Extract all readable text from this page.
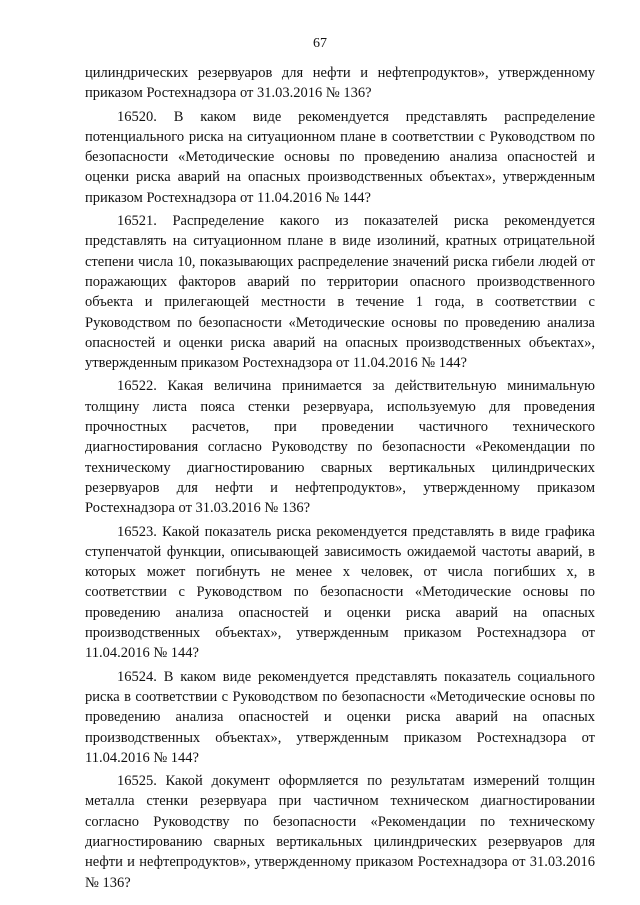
67

цилиндрических резервуаров для нефти и нефтепродуктов», утвержденному приказом Ростехнадзора от 31.03.2016 № 136?

16520. В каком виде рекомендуется представлять распределение потенциального риска на ситуационном плане в соответствии с Руководством по безопасности «Методические основы по проведению анализа опасностей и оценки риска аварий на опасных производственных объектах», утвержденным приказом Ростехнадзора от 11.04.2016 № 144?

16521. Распределение какого из показателей риска рекомендуется представлять на ситуационном плане в виде изолиний, кратных отрицательной степени числа 10, показывающих распределение значений риска гибели людей от поражающих факторов аварий по территории опасного производственного объекта и прилегающей местности в течение 1 года, в соответствии с Руководством по безопасности «Методические основы по проведению анализа опасностей и оценки риска аварий на опасных производственных объектах», утвержденным приказом Ростехнадзора от 11.04.2016 № 144?

16522. Какая величина принимается за действительную минимальную толщину листа пояса стенки резервуара, используемую для проведения прочностных расчетов, при проведении частичного технического диагностирования согласно Руководству по безопасности «Рекомендации по техническому диагностированию сварных вертикальных цилиндрических резервуаров для нефти и нефтепродуктов», утвержденному приказом Ростехнадзора от 31.03.2016 № 136?

16523. Какой показатель риска рекомендуется представлять в виде графика ступенчатой функции, описывающей зависимость ожидаемой частоты аварий, в которых может погибнуть не менее x человек, от числа погибших x, в соответствии с Руководством по безопасности «Методические основы по проведению анализа опасностей и оценки риска аварий на опасных производственных объектах», утвержденным приказом Ростехнадзора от 11.04.2016 № 144?

16524. В каком виде рекомендуется представлять показатель социального риска в соответствии с Руководством по безопасности «Методические основы по проведению анализа опасностей и оценки риска аварий на опасных производственных объектах», утвержденным приказом Ростехнадзора от 11.04.2016 № 144?

16525. Какой документ оформляется по результатам измерений толщин металла стенки резервуара при частичном техническом диагностировании согласно Руководству по безопасности «Рекомендации по техническому диагностированию сварных вертикальных цилиндрических резервуаров для нефти и нефтепродуктов», утвержденному приказом Ростехнадзора от 31.03.2016 № 136?
